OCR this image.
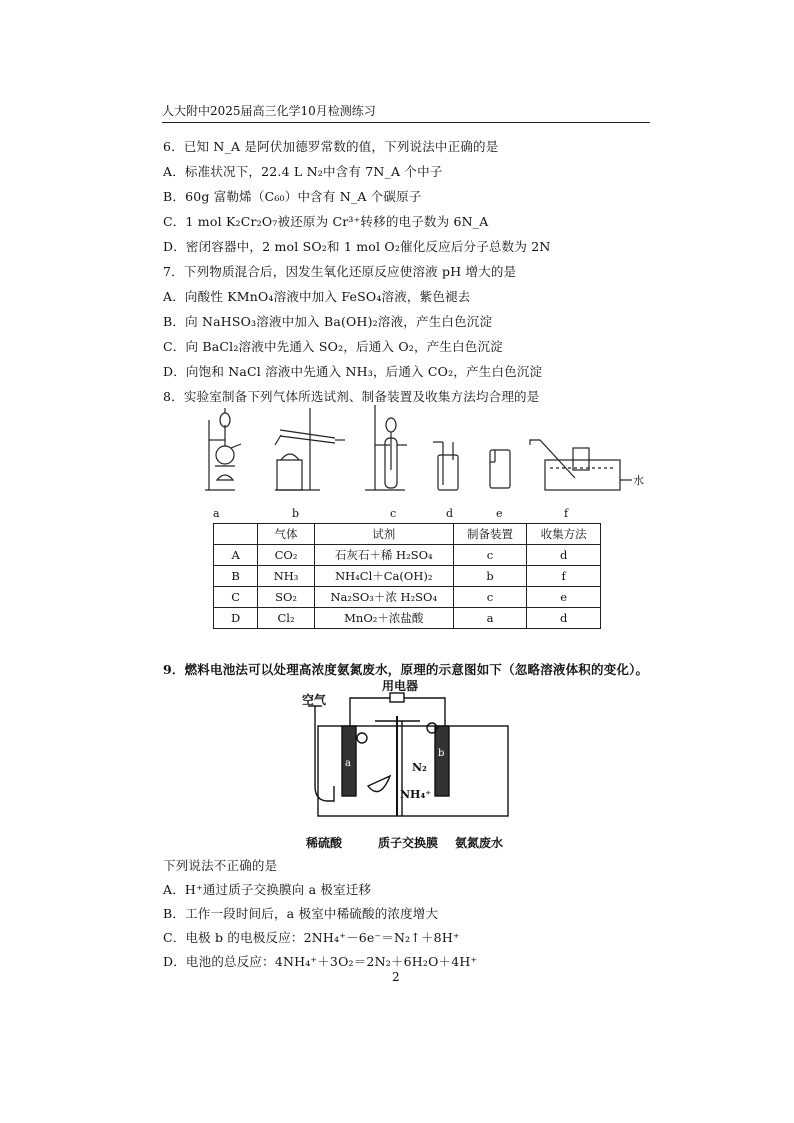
人大附中2025届高三化学10月检测练习
6．已知 N_A 是阿伏加德罗常数的值，下列说法中正确的是
A．标准状况下，22.4 L N₂中含有 7N_A 个中子
B．60g 富勒烯（C₆₀）中含有 N_A 个碳原子
C．1 mol K₂Cr₂O₇被还原为 Cr³⁺转移的电子数为 6N_A
D．密闭容器中，2 mol SO₂和 1 mol O₂催化反应后分子总数为 2N
7．下列物质混合后，因发生氧化还原反应使溶液 pH 增大的是
A．向酸性 KMnO₄溶液中加入 FeSO₄溶液，紫色褪去
B．向 NaHSO₃溶液中加入 Ba(OH)₂溶液，产生白色沉淀
C．向 BaCl₂溶液中先通入 SO₂，后通入 O₂，产生白色沉淀
D．向饱和 NaCl 溶液中先通入 NH₃，后通入 CO₂，产生白色沉淀
8．实验室制备下列气体所选试剂、制备装置及收集方法均合理的是
水
a	b	c	d	e	f
	气体	试剂	制备装置	收集方法
A	CO₂	石灰石＋稀 H₂SO₄	c	d
B	NH₃	NH₄Cl＋Ca(OH)₂	b	f
C	SO₂	Na₂SO₃＋浓 H₂SO₄	c	e
D	Cl₂	MnO₂＋浓盐酸	a	d
9．燃料电池法可以处理高浓度氨氮废水，原理的示意图如下（忽略溶液体积的变化）。
a
b
用电器
空气
N₂
NH₄⁺
稀硫酸	质子交换膜 氨氮废水
下列说法不正确的是
A．H⁺通过质子交换膜向 a 极室迁移
B．工作一段时间后，a 极室中稀硫酸的浓度增大
C．电极 b 的电极反应：2NH₄⁺－6e⁻＝N₂↑＋8H⁺
D．电池的总反应：4NH₄⁺＋3O₂＝2N₂＋6H₂O＋4H⁺
2
